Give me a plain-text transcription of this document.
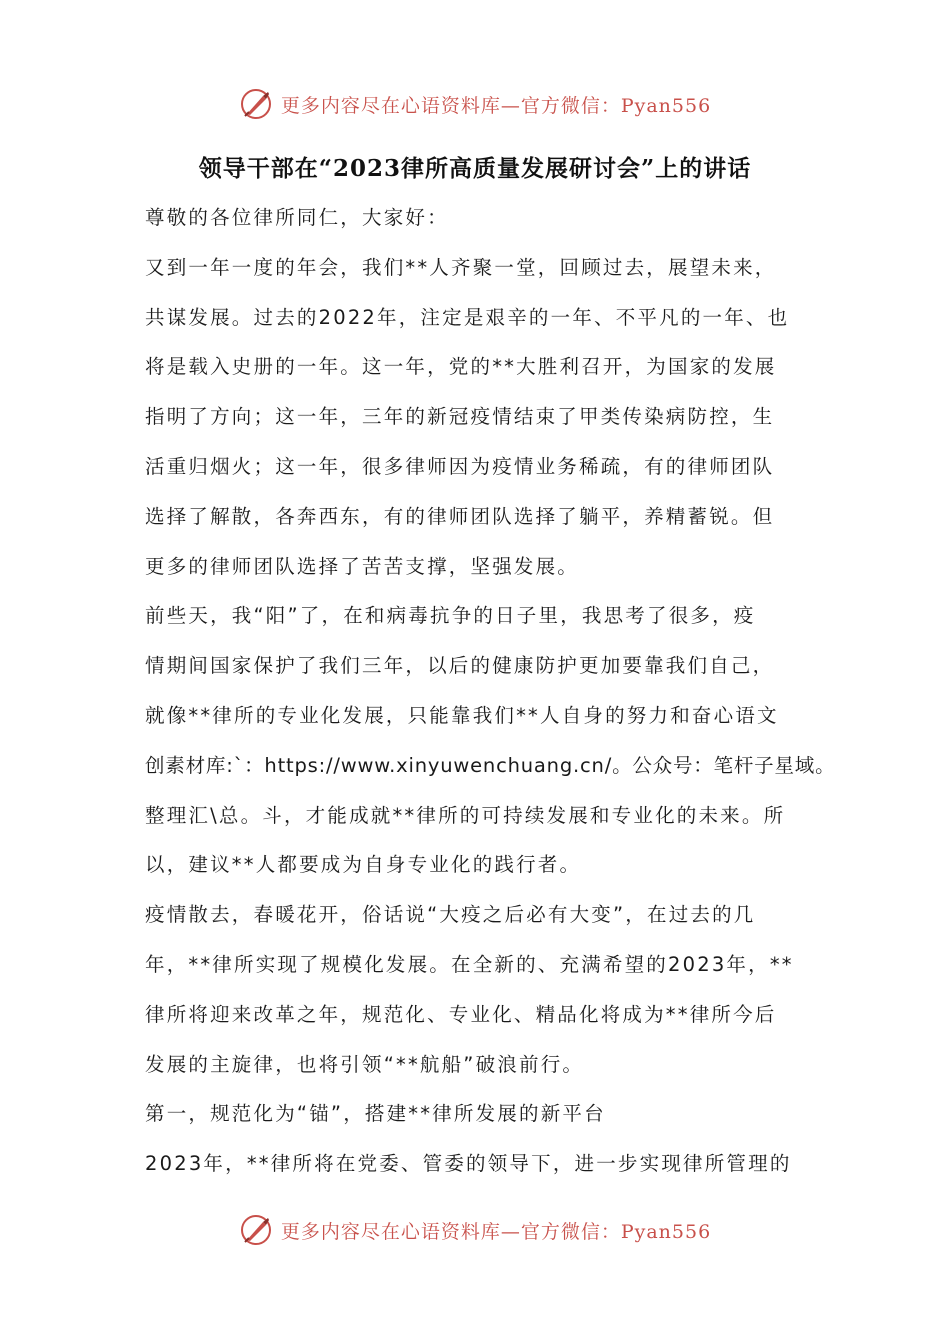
更多内容尽在心语资料库—官方微信：Pyan556
领导干部在“2023律所高质量发展研讨会”上的讲话
尊敬的各位律所同仁，大家好：
又到一年一度的年会，我们**人齐聚一堂，回顾过去，展望未来，
共谋发展。过去的2022年，注定是艰辛的一年、不平凡的一年、也
将是载入史册的一年。这一年，党的**大胜利召开，为国家的发展
指明了方向；这一年，三年的新冠疫情结束了甲类传染病防控，生
活重归烟火；这一年，很多律师因为疫情业务稀疏，有的律师团队
选择了解散，各奔西东，有的律师团队选择了躺平，养精蓄锐。但
更多的律师团队选择了苦苦支撑，坚强发展。
前些天，我“阳”了，在和病毒抗争的日子里，我思考了很多，疫
情期间国家保护了我们三年，以后的健康防护更加要靠我们自己，
就像**律所的专业化发展，只能靠我们**人自身的努力和奋心语文
创素材库:`：https://www.xinyuwenchuang.cn/。公众号：笔杆子星域。
整理汇\总。斗，才能成就**律所的可持续发展和专业化的未来。所
以，建议**人都要成为自身专业化的践行者。
疫情散去，春暖花开，俗话说“大疫之后必有大变”，在过去的几
年，**律所实现了规模化发展。在全新的、充满希望的2023年，**
律所将迎来改革之年，规范化、专业化、精品化将成为**律所今后
发展的主旋律，也将引领“**航船”破浪前行。
第一，规范化为“锚”，搭建**律所发展的新平台
2023年，**律所将在党委、管委的领导下，进一步实现律所管理的
更多内容尽在心语资料库—官方微信：Pyan556
